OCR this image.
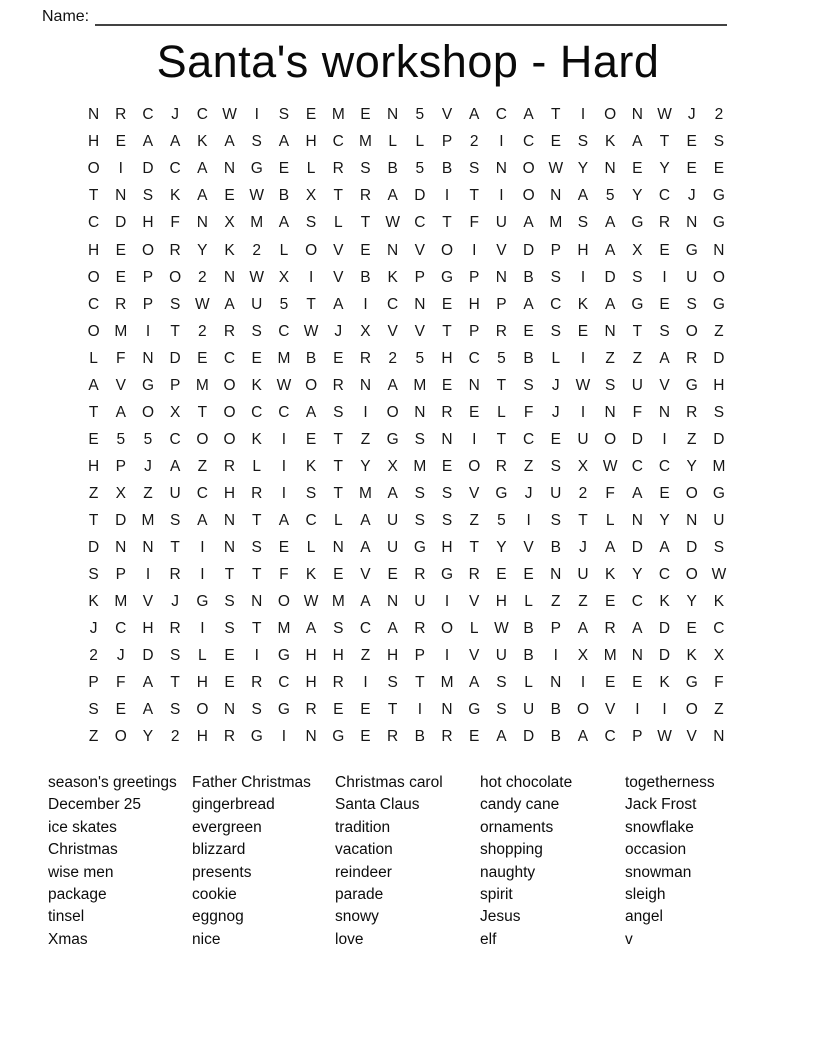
Name:
Santa's workshop - Hard
N	R	C	J	C W	I	S	E	M	E	N	5	V	A	C	A	T	I	O	N W	J	2
H	E	A	A	K	A	S	A	H	C M	L	L	P	2	I	C	E	S	K	A	T	E	S
O	I	D	C	A	N	G	E	L	R	S	B	5	B	S	N	O W Y	N	E	Y	E	E
T	N	S	K	A	E W B	X	T	R	A	D	I	T	I	O	N	A	5	Y	C	J	G
C	D	H	F	N	X	M	A	S	L	T W C	T	F	U	A	M	S	A	G	R	N	G
H	E	O	R	Y	K	2	L	O	V	E	N	V	O	I	V	D	P	H	A	X	E	G	N
O	E	P	O	2	N W X	I	V	B	K	P	G	P	N	B	S	I	D	S	I	U	O
C	R	P	S W A	U	5	T	A	I	C	N	E	H	P	A	C	K	A	G	E	S	G
O M	I	T	2	R	S	C W	J	X	V	V	T	P	R	E	S	E	N	T	S	O	Z
L	F	N	D	E	C	E	M	B	E	R	2	5	H	C	5	B	L	I	Z	Z	A	R	D
A	V	G	P	M O	K W O	R	N	A	M	E	N	T	S	J	W S	U	V	G	H
T	A	O	X	T	O	C	C	A	S	I	O	N	R	E	L	F	J	I	N	F	N	R	S
E	5	5	C	O O	K	I	E	T	Z	G	S	N	I	T	C	E	U	O	D	I	Z	D
H	P	J	A	Z	R	L	I	K	T	Y	X	M	E	O	R	Z	S	X W C	C	Y	M
Z	X	Z	U	C	H	R	I	S	T	M	A	S	S	V	G	J	U	2	F	A	E	O G
T	D M	S	A	N	T	A	C	L	A	U	S	S	Z	5	I	S	T	L	N	Y	N	U
D	N	N	T	I	N	S	E	L	N	A	U	G	H	T	Y	V	B	J	A	D	A	D	S
S	P	I	R	I	T	T	F	K	E	V	E	R	G	R	E	E	N	U	K	Y	C	O W
K	M	V	J	G	S	N	O W M	A	N	U	I	V	H	L	Z	Z	E	C	K	Y	K
J	C	H	R	I	S	T	M	A	S	C	A	R	O	L	W B	P	A	R	A	D	E	C
2	J	D	S	L	E	I	G	H	H	Z	H	P	I	V	U	B	I	X	M N	D	K	X
P	F	A	T	H	E	R	C	H	R	I	S	T	M	A	S	L	N	I	E	E	K	G	F
S	E	A	S	O	N	S	G	R	E	E	T	I	N	G	S	U	B	O	V	I	I	O	Z
Z	O	Y	2	H	R	G	I	N	G	E	R	B	R	E	A	D	B	A	C	P W V	N
season's greetings
December 25
ice skates
Christmas
wise men
package
tinsel
Xmas
Father Christmas
gingerbread
evergreen
blizzard
presents
cookie
eggnog
nice
Christmas carol
Santa Claus
tradition
vacation
reindeer
parade
snowy
love
hot chocolate
candy cane
ornaments
shopping
naughty
spirit
Jesus
elf
togetherness
Jack Frost
snowflake
occasion
snowman
sleigh
angel
v
